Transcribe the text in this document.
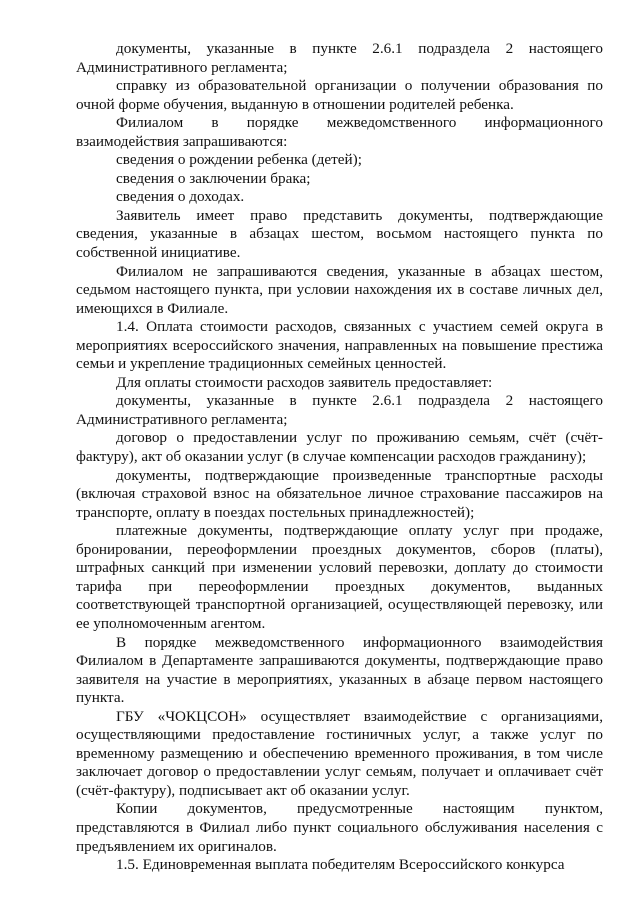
документы, указанные в пункте 2.6.1 подраздела 2 настоящего Административного регламента;

справку из образовательной организации о получении образования по очной форме обучения, выданную в отношении родителей ребенка.

Филиалом в порядке межведомственного информационного взаимодействия запрашиваются:

сведения о рождении ребенка (детей);

сведения о заключении брака;

сведения о доходах.

Заявитель имеет право представить документы, подтверждающие сведения, указанные в абзацах шестом, восьмом настоящего пункта по собственной инициативе.

Филиалом не запрашиваются сведения, указанные в абзацах шестом, седьмом настоящего пункта, при условии нахождения их в составе личных дел, имеющихся в Филиале.

1.4. Оплата стоимости расходов, связанных с участием семей округа в мероприятиях всероссийского значения, направленных на повышение престижа семьи и укрепление традиционных семейных ценностей.

Для оплаты стоимости расходов заявитель предоставляет:

документы, указанные в пункте 2.6.1 подраздела 2 настоящего Административного регламента;

договор о предоставлении услуг по проживанию семьям, счёт (счёт-фактуру), акт об оказании услуг (в случае компенсации расходов гражданину);

документы, подтверждающие произведенные транспортные расходы (включая страховой взнос на обязательное личное страхование пассажиров на транспорте, оплату в поездах постельных принадлежностей);

платежные документы, подтверждающие оплату услуг при продаже, бронировании, переоформлении проездных документов, сборов (платы), штрафных санкций при изменении условий перевозки, доплату до стоимости тарифа при переоформлении проездных документов, выданных соответствующей транспортной организацией, осуществляющей перевозку, или ее уполномоченным агентом.

В порядке межведомственного информационного взаимодействия Филиалом в Департаменте запрашиваются документы, подтверждающие право заявителя на участие в мероприятиях, указанных в абзаце первом настоящего пункта.

ГБУ «ЧОКЦСОН» осуществляет взаимодействие с организациями, осуществляющими предоставление гостиничных услуг, а также услуг по временному размещению и обеспечению временного проживания, в том числе заключает договор о предоставлении услуг семьям, получает и оплачивает счёт (счёт-фактуру), подписывает акт об оказании услуг.

Копии документов, предусмотренные настоящим пунктом, представляются в Филиал либо пункт социального обслуживания населения с предъявлением их оригиналов.

1.5. Единовременная выплата победителям Всероссийского конкурса
